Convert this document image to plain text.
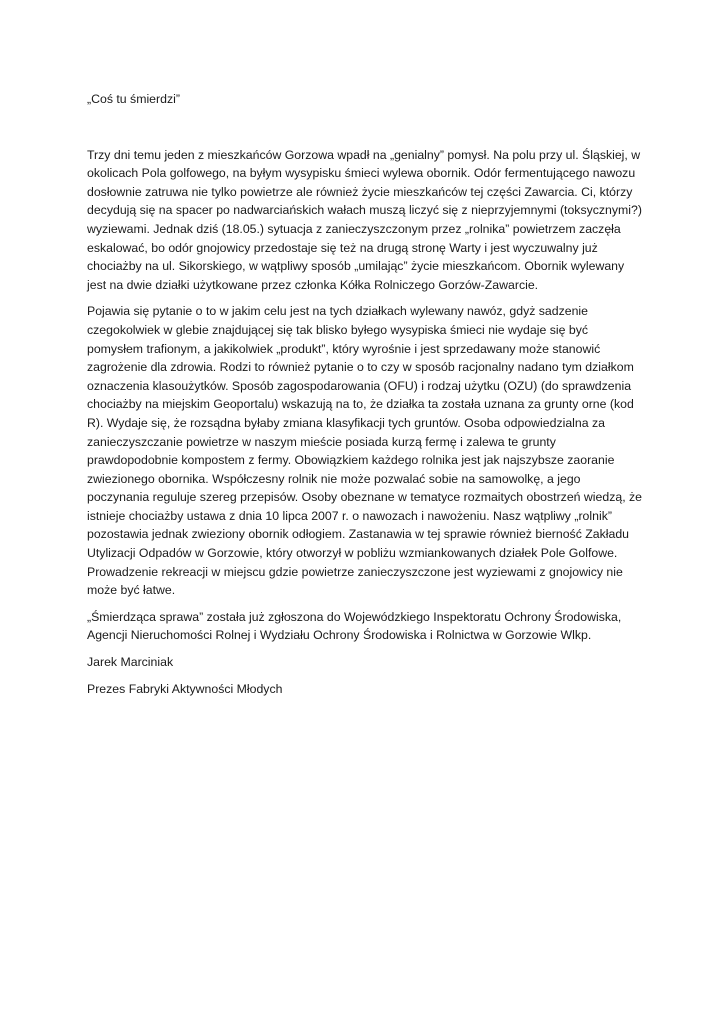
„Coś tu śmierdzi”
Trzy dni temu jeden z mieszkańców Gorzowa wpadł na „genialny” pomysł. Na polu przy ul. Śląskiej, w
okolicach Pola golfowego, na byłym wysypisku śmieci wylewa obornik. Odór fermentującego nawozu
dosłownie zatruwa nie tylko powietrze ale również życie mieszkańców tej części Zawarcia. Ci, którzy
decydują się na spacer po nadwarciańskich wałach muszą liczyć się z nieprzyjemnymi (toksycznymi?)
wyziewami. Jednak dziś (18.05.) sytuacja z zanieczyszczonym przez „rolnika” powietrzem zaczęła
eskalować, bo odór gnojowicy przedostaje się też na drugą stronę Warty i jest wyczuwalny już
chociażby na ul. Sikorskiego, w wątpliwy sposób „umilając” życie mieszkańcom. Obornik wylewany
jest na dwie działki użytkowane przez członka Kółka Rolniczego Gorzów-Zawarcie.
Pojawia się pytanie o to w jakim celu jest na tych działkach wylewany nawóz, gdyż sadzenie
czegokolwiek w glebie znajdującej się tak blisko byłego wysypiska śmieci nie wydaje się być
pomysłem trafionym, a jakikolwiek „produkt”, który wyrośnie i jest sprzedawany może stanowić
zagrożenie dla zdrowia. Rodzi to również pytanie o to czy w sposób racjonalny nadano tym działkom
oznaczenia klasoużytków. Sposób zagospodarowania (OFU) i rodzaj użytku (OZU) (do sprawdzenia
chociażby na miejskim Geoportalu) wskazują na to, że działka ta została uznana za grunty orne (kod
R). Wydaje się, że rozsądna byłaby zmiana klasyfikacji tych gruntów. Osoba odpowiedzialna za
zanieczyszczanie powietrze w naszym mieście posiada kurzą fermę i zalewa te grunty
prawdopodobnie kompostem z fermy. Obowiązkiem każdego rolnika jest jak najszybsze zaoranie
zwiezionego obornika. Współczesny rolnik nie może pozwalać sobie na samowolkę, a jego
poczynania reguluje szereg przepisów. Osoby obeznane w tematyce rozmaitych obostrzeń wiedzą, że
istnieje chociażby ustawa z dnia 10 lipca 2007 r. o nawozach i nawożeniu. Nasz wątpliwy „rolnik”
pozostawia jednak zwieziony obornik odłogiem. Zastanawia w tej sprawie również bierność Zakładu
Utylizacji Odpadów w Gorzowie, który otworzył w pobliżu wzmiankowanych działek Pole Golfowe.
Prowadzenie rekreacji w miejscu gdzie powietrze zanieczyszczone jest wyziewami z gnojowicy nie
może być łatwe.
„Śmierdząca sprawa” została już zgłoszona do Wojewódzkiego Inspektoratu Ochrony Środowiska,
Agencji Nieruchomości Rolnej i Wydziału Ochrony Środowiska i Rolnictwa w Gorzowie Wlkp.
Jarek Marciniak
Prezes Fabryki Aktywności Młodych
